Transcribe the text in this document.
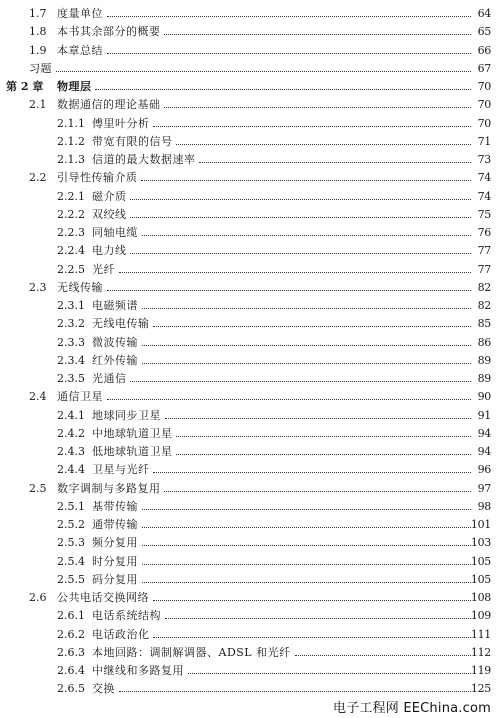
1.7 度量单位	64
1.8 本书其余部分的概要	65
1.9 本章总结	66
习题	67
第 2 章 物理层	70
2.1 数据通信的理论基础	70
2.1.1 傅里叶分析	70
2.1.2 带宽有限的信号	71
2.1.3 信道的最大数据速率	73
2.2 引导性传输介质	74
2.2.1 磁介质	74
2.2.2 双绞线	75
2.2.3 同轴电缆	76
2.2.4 电力线	77
2.2.5 光纤	77
2.3 无线传输	82
2.3.1 电磁频谱	82
2.3.2 无线电传输	85
2.3.3 微波传输	86
2.3.4 红外传输	89
2.3.5 光通信	89
2.4 通信卫星	90
2.4.1 地球同步卫星	91
2.4.2 中地球轨道卫星	94
2.4.3 低地球轨道卫星	94
2.4.4 卫星与光纤	96
2.5 数字调制与多路复用	97
2.5.1 基带传输	98
2.5.2 通带传输	101
2.5.3 频分复用	103
2.5.4 时分复用	105
2.5.5 码分复用	105
2.6 公共电话交换网络	108
2.6.1 电话系统结构	109
2.6.2 电话政治化	111
2.6.3 本地回路：调制解调器、ADSL 和光纤	112
2.6.4 中继线和多路复用	119
2.6.5 交换	125
电子工程网 EEChina.com
